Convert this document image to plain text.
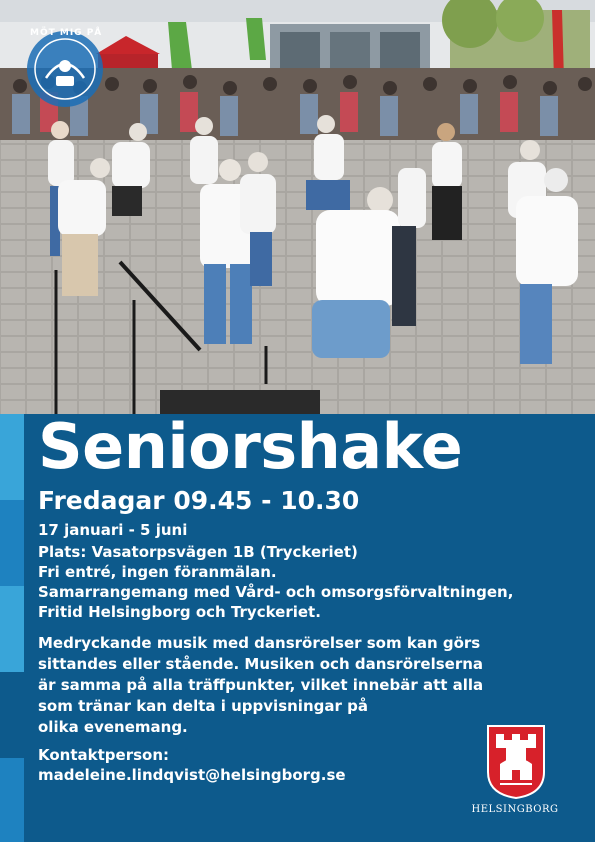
MÖT MIG PÅ
Seniorshake
Fredagar 09.45 - 10.30
17 januari - 5 juni
Plats: Vasatorpsvägen 1B (Tryckeriet)
Fri entré, ingen föranmälan.
Samarrangemang med Vård- och omsorgsförvaltningen,
Fritid Helsingborg och Tryckeriet.
Medryckande musik med dansrörelser som kan görs
sittandes eller stående. Musiken och dansrörelserna
är samma på alla träffpunkter, vilket innebär att alla
som tränar kan delta i uppvisningar på
olika evenemang.
Kontaktperson:
madeleine.lindqvist@helsingborg.se
HELSINGBORG
